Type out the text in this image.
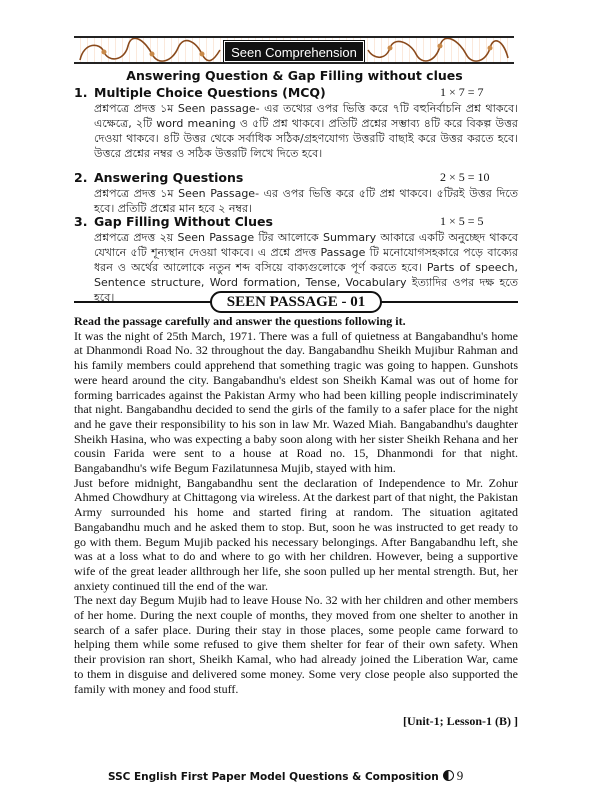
Seen Comprehension
Answering Question & Gap Filling without clues
1. Multiple Choice Questions (MCQ)	1 × 7 = 7
প্রশ্নপত্রে প্রদত্ত ১ম Seen passage- এর তথ্যের ওপর ভিত্তি করে ৭টি বহুনির্বাচনি প্রশ্ন থাকবে। এক্ষেত্রে, ২টি word meaning ও ৫টি প্রশ্ন থাকবে। প্রতিটি প্রশ্নের সম্ভাব্য ৪টি করে বিকল্প উত্তর দেওয়া থাকবে। ৪টি উত্তর থেকে সর্বাধিক সঠিক/গ্রহণযোগ্য উত্তরটি বাছাই করে উত্তর করতে হবে। উত্তরে প্রশ্নের নম্বর ও সঠিক উত্তরটি লিখে দিতে হবে।
2. Answering Questions	2 × 5 = 10
প্রশ্নপত্রে প্রদত্ত ১ম Seen Passage- এর ওপর ভিত্তি করে ৫টি প্রশ্ন থাকবে। ৫টিরই উত্তর দিতে হবে। প্রতিটি প্রশ্নের মান হবে ২ নম্বর।
3. Gap Filling Without Clues	1 × 5 = 5
প্রশ্নপত্রে প্রদত্ত ২য় Seen Passage টির আলোকে Summary আকারে একটি অনুচ্ছেদ থাকবে যেখানে ৫টি শূন্যস্থান দেওয়া থাকবে। এ প্রশ্নে প্রদত্ত Passage টি মনোযোগসহকারে পড়ে বাক্যের ধরন ও অর্থের আলোকে নতুন শব্দ বসিয়ে বাক্যগুলোকে পূর্ণ করতে হবে। Parts of speech, Sentence structure, Word formation, Tense, Vocabulary ইত্যাদির ওপর দক্ষ হতে হবে।	SEEN PASSAGE - 01

Read the passage carefully and answer the questions following it.

It was the night of 25th March, 1971. There was a full of quietness at Bangabandhu's home at Dhanmondi Road No. 32 throughout the day. Bangabandhu Sheikh Mujibur Rahman and his family members could apprehend that something tragic was going to happen. Gunshots were heard around the city. Bangabandhu's eldest son Sheikh Kamal was out of home for forming barricades against the Pakistan Army who had been killing people indiscriminately that night. Bangabandhu decided to send the girls of the family to a safer place for the night and he gave their responsibility to his son in law Mr. Wazed Miah. Bangabandhu's daughter Sheikh Hasina, who was expecting a baby soon along with her sister Sheikh Rehana and her cousin Farida were sent to a house at Road no. 15, Dhanmondi for that night. Bangabandhu's wife Begum Fazilatunnesa Mujib, stayed with him.

Just before midnight, Bangabandhu sent the declaration of Independence to Mr. Zohur Ahmed Chowdhury at Chittagong via wireless. At the darkest part of that night, the Pakistan Army surrounded his home and started firing at random. The situation agitated Bangabandhu much and he asked them to stop. But, soon he was instructed to get ready to go with them. Begum Mujib packed his necessary belongings. After Bangabandhu left, she was at a loss what to do and where to go with her children. However, being a supportive wife of the great leader allthrough her life, she soon pulled up her mental strength. But, her anxiety continued till the end of the war.

The next day Begum Mujib had to leave House No. 32 with her children and other members of her home. During the next couple of months, they moved from one shelter to another in search of a safer place. During their stay in those places, some people came forward to helping them while some refused to give them shelter for fear of their own safety. When their provision ran short, Sheikh Kamal, who had already joined the Liberation War, came to them in disguise and delivered some money. Some very close people also supported the family with money and food stuff.

[Unit-1; Lesson-1 (B) ]
SSC English First Paper Model Questions & Composition 9
